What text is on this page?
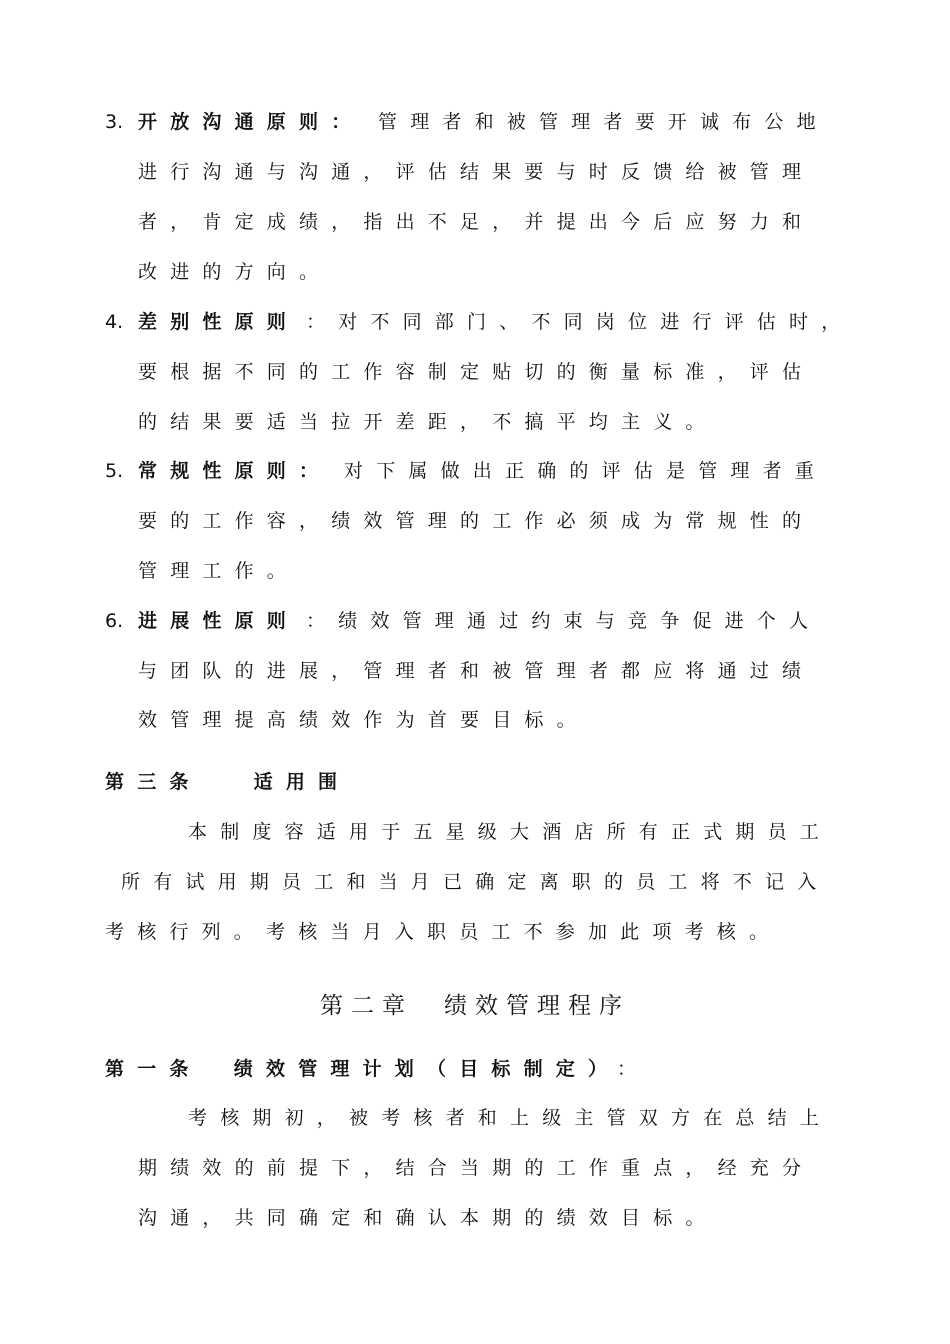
3. 开放沟通原则： 管理者和被管理者要开诚布公地
进行沟通与沟通，评估结果要与时反馈给被管理
者，肯定成绩，指出不足，并提出今后应努力和
改进的方向。
4. 差别性原则 ：对不同部门、不同岗位进行评估时，
要根据不同的工作容制定贴切的衡量标准，评估
的结果要适当拉开差距，不搞平均主义。
5. 常规性原则： 对下属做出正确的评估是管理者重
要的工作容，绩效管理的工作必须成为常规性的
管理工作。
6. 进展性原则 ：绩效管理通过约束与竞争促进个人
与团队的进展，管理者和被管理者都应将通过绩
效管理提高绩效作为首要目标。
第三条　 适用围
本制度容适用于五星级大酒店所有正式期员工
所有试用期员工和当月已确定离职的员工将不记入
考核行列。考核当月入职员工不参加此项考核。
第二章　绩效管理程序
第一条　绩效管理计划（目标制定）
：
考核期初，被考核者和上级主管双方在总结上
期绩效的前提下，结合当期的工作重点，经充分
沟通，共同确定和确认本期的绩效目标。
